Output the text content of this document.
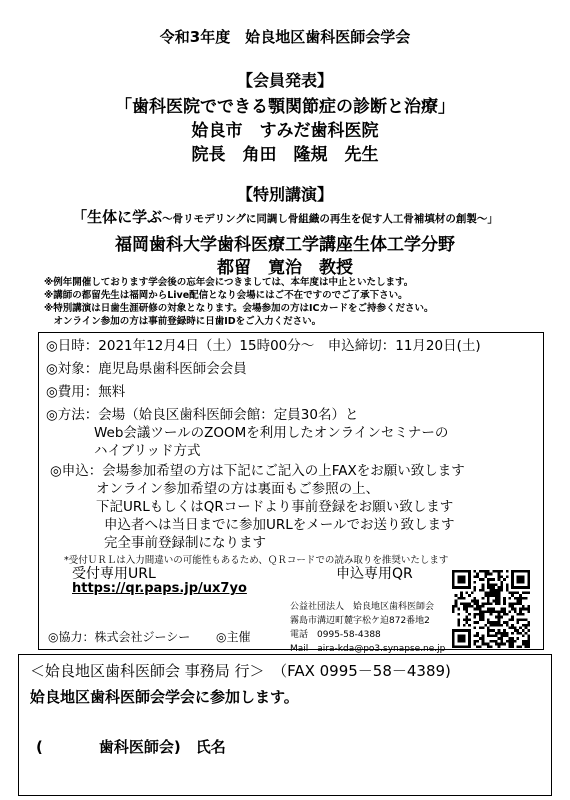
令和3年度　姶良地区歯科医師会学会
【会員発表】
「歯科医院でできる顎関節症の診断と治療」
姶良市　すみだ歯科医院
院長　角田　隆規　先生
【特別講演】
「生体に学ぶ～骨リモデリングに同調し骨組織の再生を促す人工骨補填材の創製～」
福岡歯科大学歯科医療工学講座生体工学分野
都留　寛治　教授
※例年開催しております学会後の忘年会につきましては、本年度は中止といたします。
※講師の都留先生は福岡からLive配信となり会場にはご不在ですのでご了承下さい。
※特別講演は日歯生涯研修の対象となります。会場参加の方はICカードをご持参ください。
　オンライン参加の方は事前登録時に日歯IDをご入力ください。
◎日時：2021年12月4日（土）15時00分～　申込締切：11月20日(土)
◎対象：鹿児島県歯科医師会会員
◎費用：無料
◎方法：会場（姶良区歯科医師会館：定員30名）と
Web会議ツールのZOOMを利用したオンラインセミナーの
ハイブリッド方式
◎申込：会場参加希望の方は下記にご記入の上FAXをお願い致します
オンライン参加希望の方は裏面もご参照の上、
下記URLもしくはQRコードより事前登録をお願い致します
申込者へは当日までに参加URLをメールでお送り致します
完全事前登録制になります
*受付ＵＲＬは入力間違いの可能性もあるため、ＱＲコードでの読み取りを推奨いたします
受付専用URL	申込専用QR
https://qr.paps.jp/ux7yo
公益社団法人　姶良地区歯科医師会
霧島市溝辺町麓字松ケ迫872番地2
電話　 0995-58-4388
Mail　 aira-kda@po3.synapse.ne.jp
◎協力：株式会社ジーシー ◎主催
＜姶良地区歯科医師会 事務局 行＞　 （FAX 0995－58－4389)
姶良地区歯科医師会学会に参加します。
(	歯科医師会)　 氏名
